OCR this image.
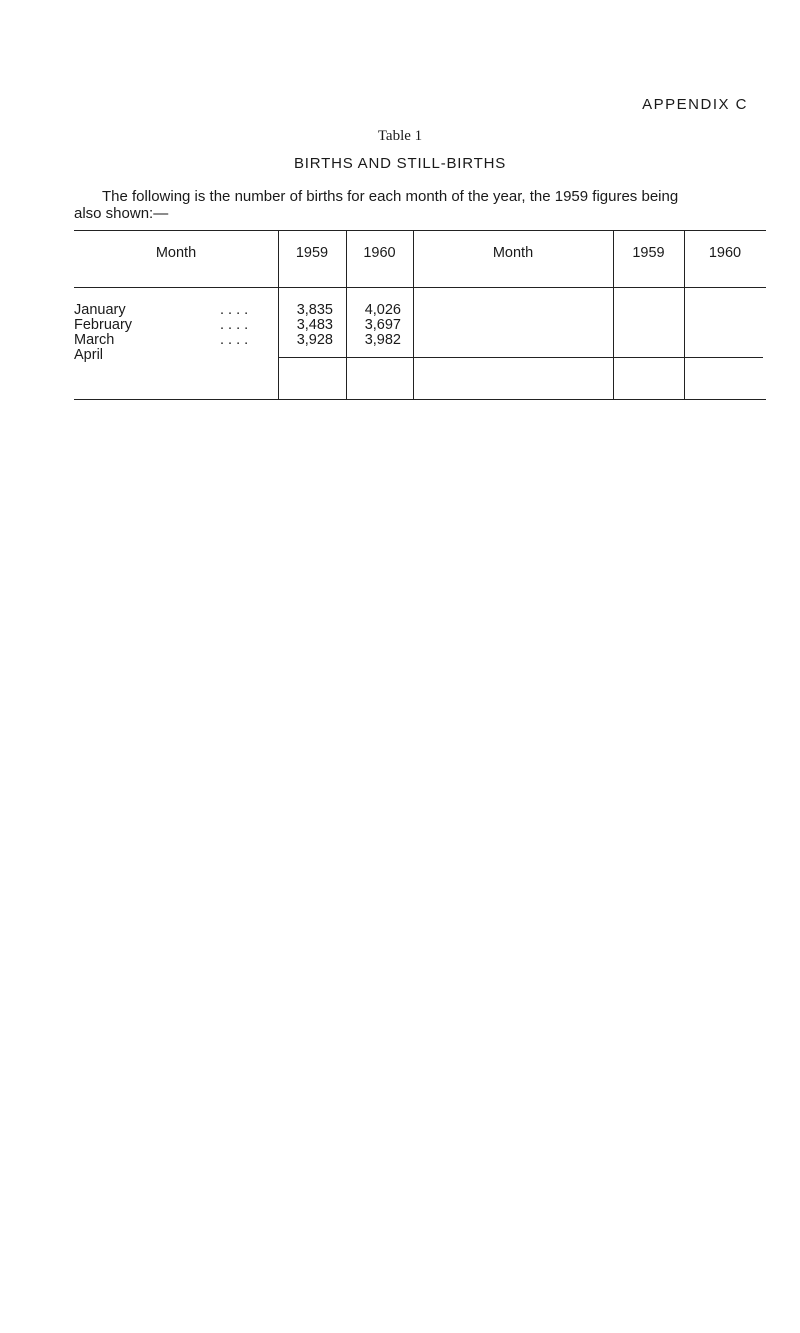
APPENDIX C
Table 1
BIRTHS AND STILL-BIRTHS
The following is the number of births for each month of the year, the 1959 figures being
also shown:—
Month	1959	1960	Month	1959	1960
January	. . . .	3,835	4,026
February	. . . .	3,483	3,697
March	. . . .	3,928	3,982
April
